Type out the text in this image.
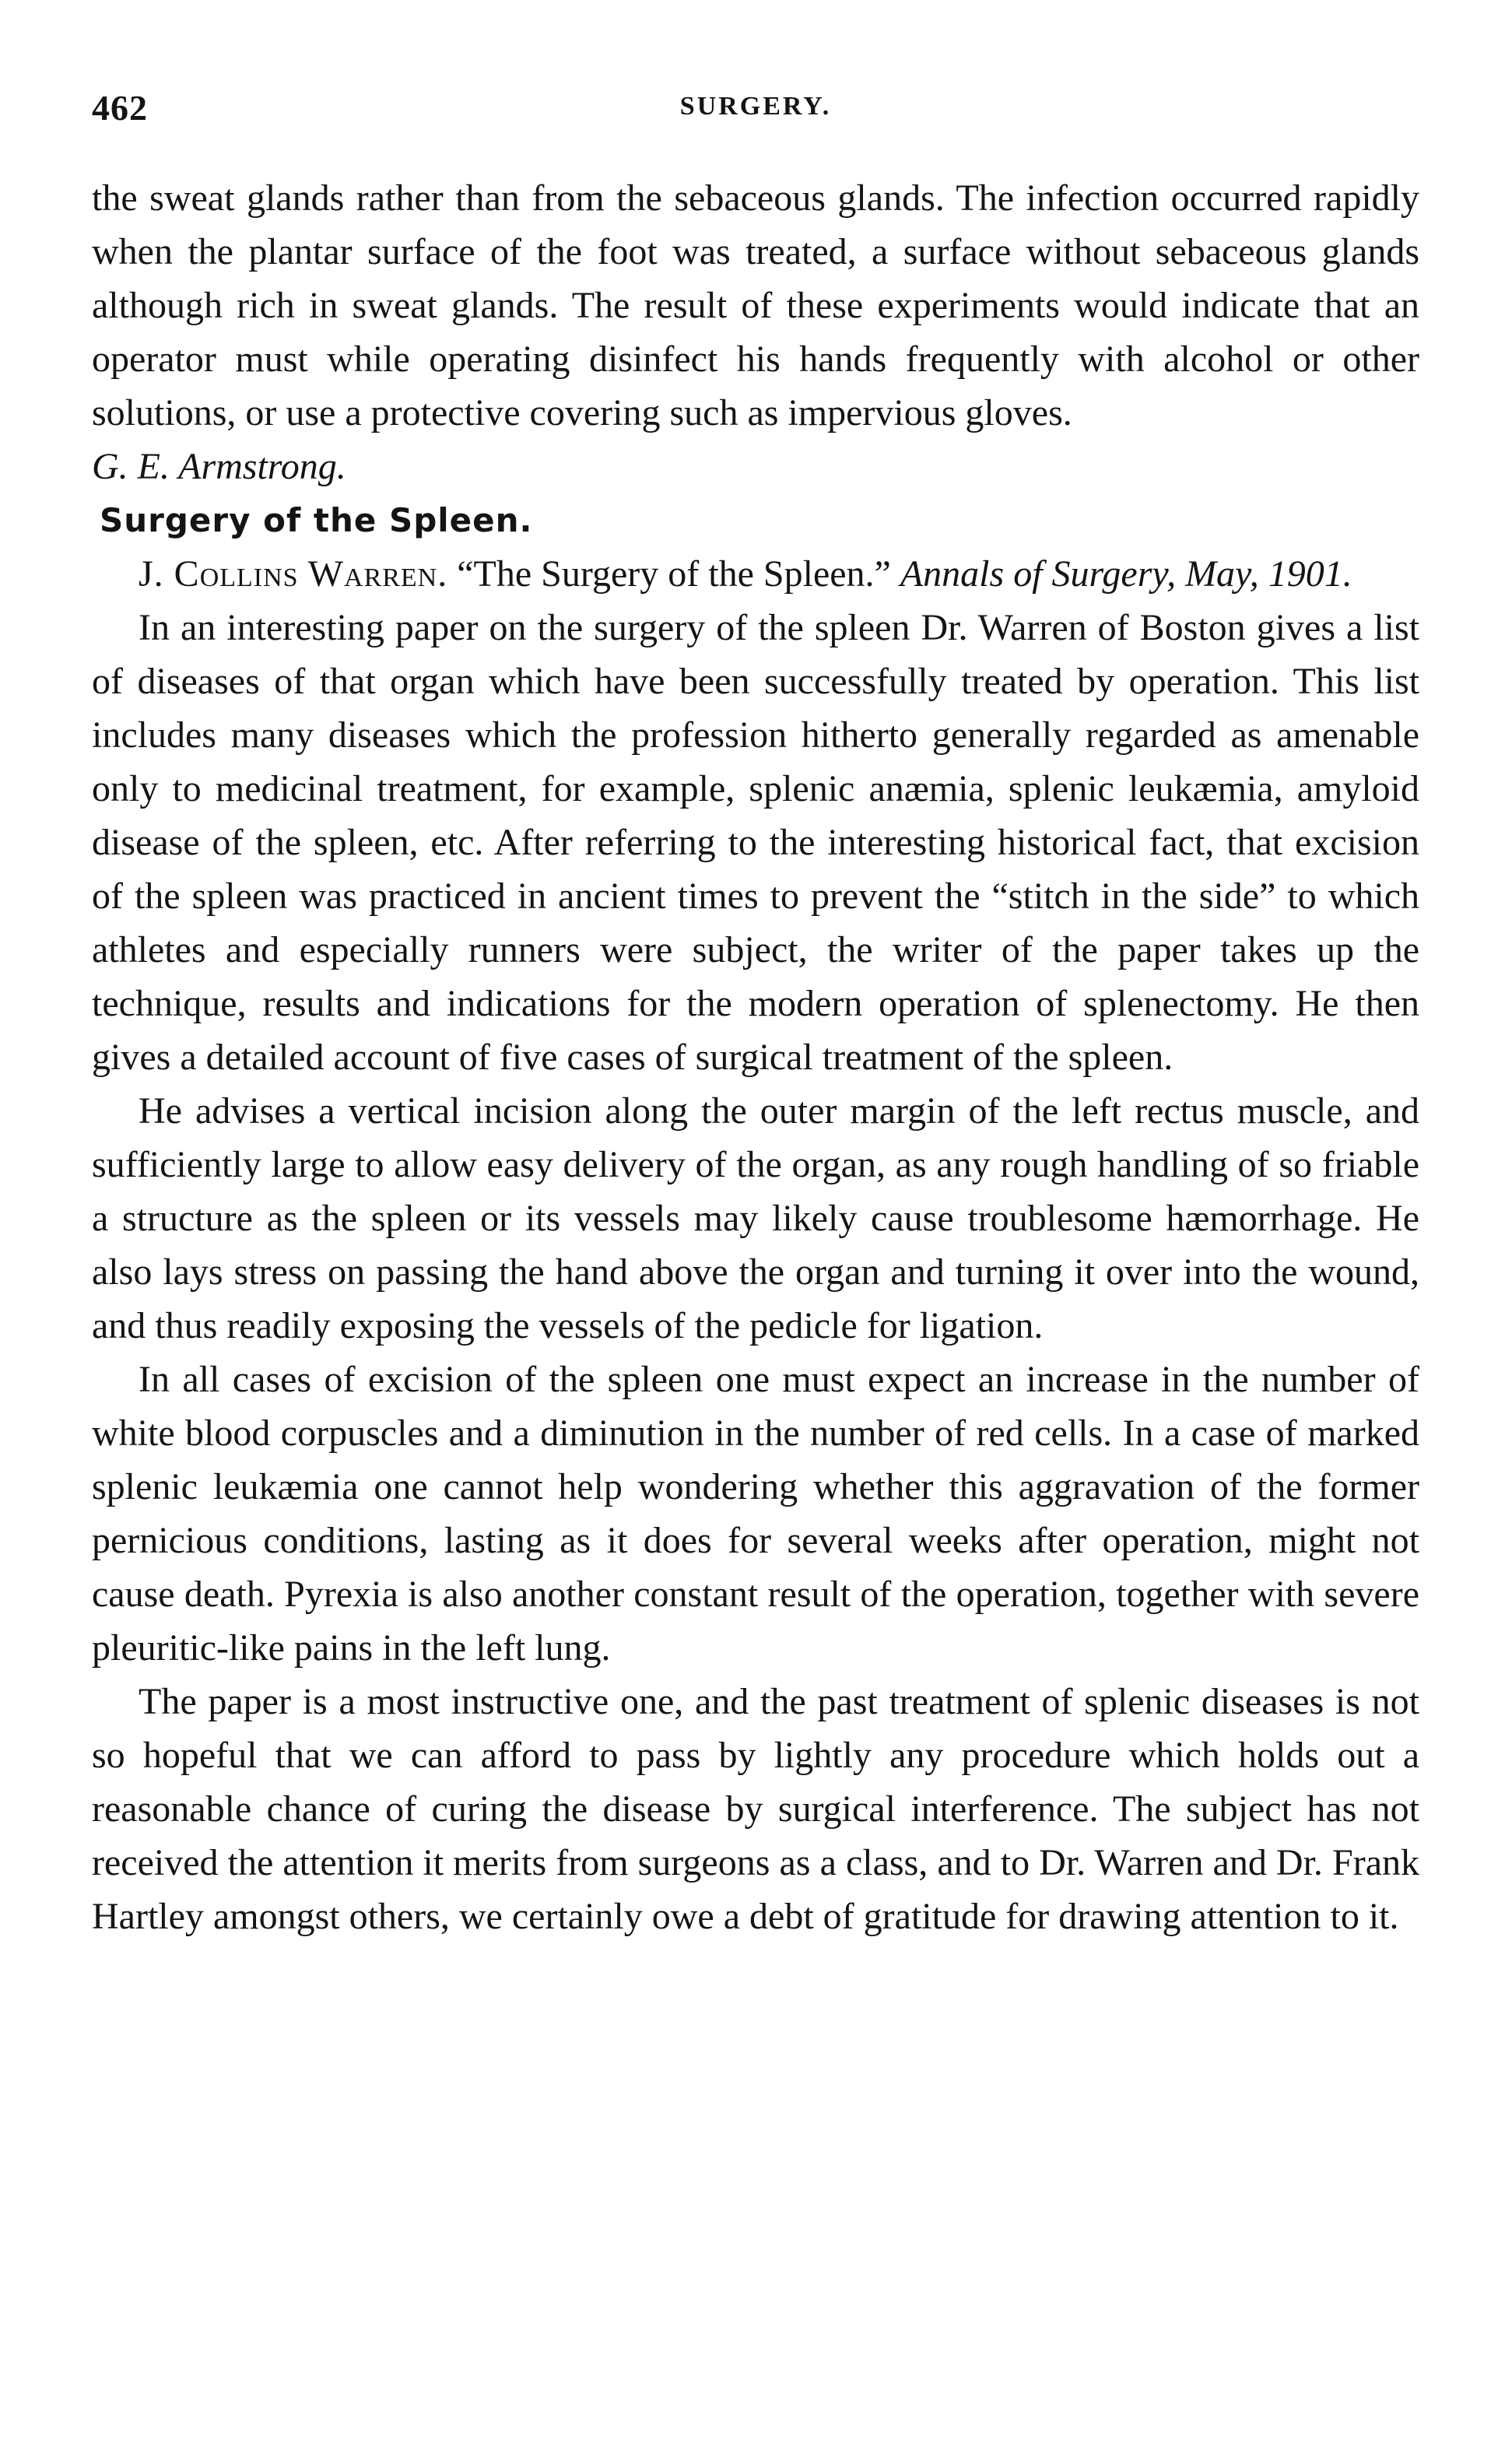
462	SURGERY.

the sweat glands rather than from the sebaceous glands. The infection occurred rapidly when the plantar surface of the foot was treated, a surface without sebaceous glands although rich in sweat glands. The result of these experiments would indicate that an operator must while operating disinfect his hands frequently with alcohol or other solutions, or use a protective covering such as impervious gloves.

G. E. Armstrong.

Surgery of the Spleen.

J. Collins Warren. “The Surgery of the Spleen.” Annals of Surgery, May, 1901.

In an interesting paper on the surgery of the spleen Dr. Warren of Boston gives a list of diseases of that organ which have been successfully treated by operation. This list includes many diseases which the profession hitherto generally regarded as amenable only to medicinal treatment, for example, splenic anæmia, splenic leukæmia, amyloid disease of the spleen, etc. After referring to the interesting historical fact, that excision of the spleen was practiced in ancient times to prevent the “stitch in the side” to which athletes and especially runners were subject, the writer of the paper takes up the technique, results and indications for the modern operation of splenectomy. He then gives a detailed account of five cases of surgical treatment of the spleen.

He advises a vertical incision along the outer margin of the left rectus muscle, and sufficiently large to allow easy delivery of the organ, as any rough handling of so friable a structure as the spleen or its vessels may likely cause troublesome hæmorrhage. He also lays stress on passing the hand above the organ and turning it over into the wound, and thus readily exposing the vessels of the pedicle for ligation.

In all cases of excision of the spleen one must expect an increase in the number of white blood corpuscles and a diminution in the number of red cells. In a case of marked splenic leukæmia one cannot help wondering whether this aggravation of the former pernicious conditions, lasting as it does for several weeks after operation, might not cause death. Pyrexia is also another constant result of the operation, together with severe pleuritic-like pains in the left lung.

The paper is a most instructive one, and the past treatment of splenic diseases is not so hopeful that we can afford to pass by lightly any procedure which holds out a reasonable chance of curing the disease by surgical interference. The subject has not received the attention it merits from surgeons as a class, and to Dr. Warren and Dr. Frank Hartley amongst others, we certainly owe a debt of gratitude for drawing attention to it.
